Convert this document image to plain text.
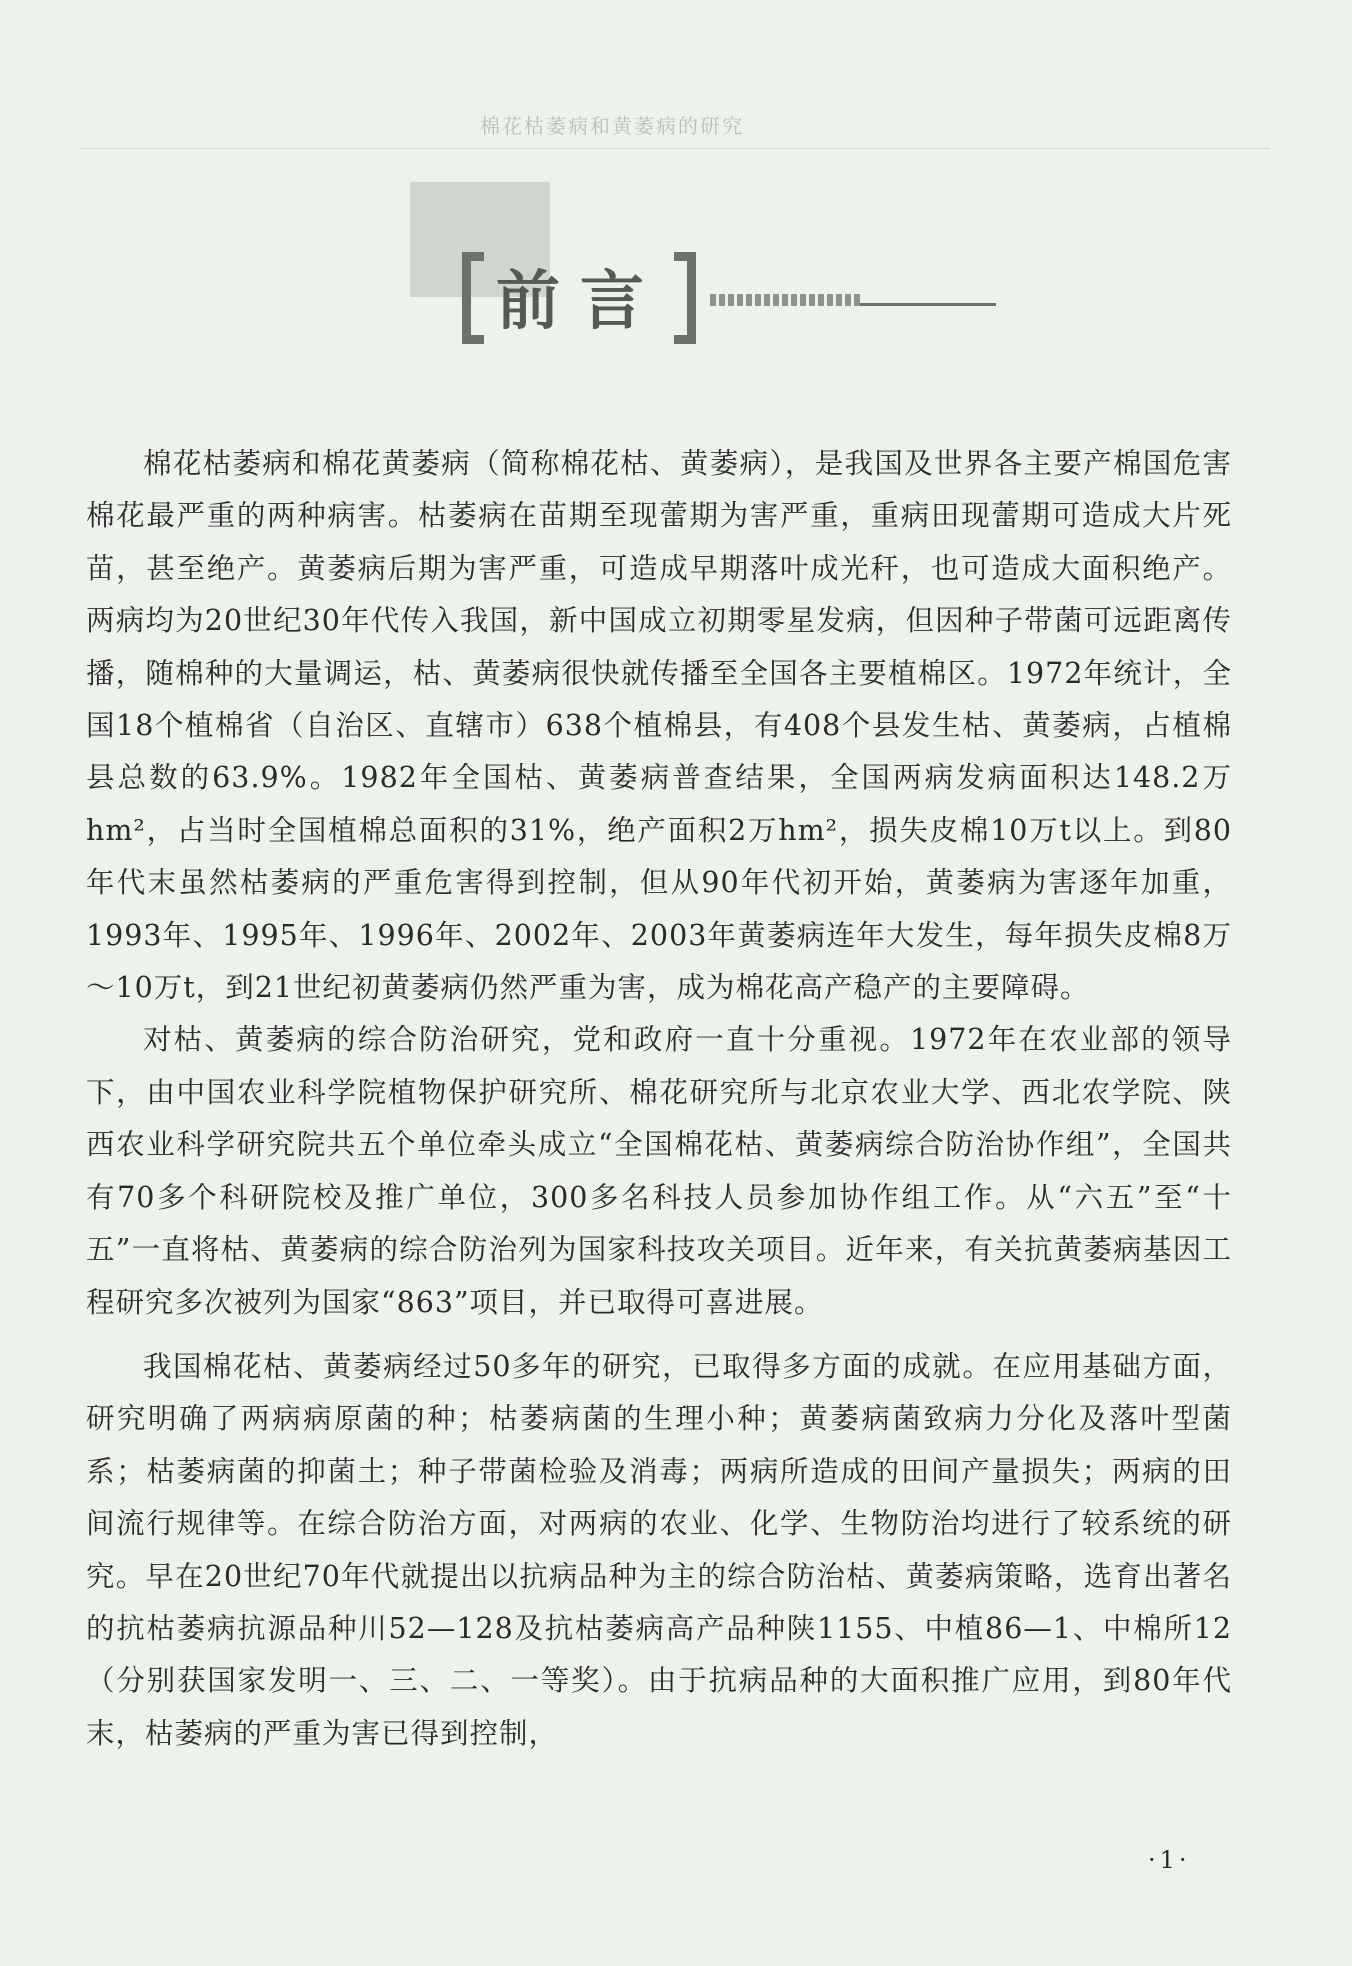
棉花枯萎病和黄萎病的研究
前言

棉花枯萎病和棉花黄萎病（简称棉花枯、黄萎病），是我国及世界各主要产棉国危害棉花最严重的两种病害。枯萎病在苗期至现蕾期为害严重，重病田现蕾期可造成大片死苗，甚至绝产。黄萎病后期为害严重，可造成早期落叶成光秆，也可造成大面积绝产。两病均为20世纪30年代传入我国，新中国成立初期零星发病，但因种子带菌可远距离传播，随棉种的大量调运，枯、黄萎病很快就传播至全国各主要植棉区。1972年统计，全国18个植棉省（自治区、直辖市）638个植棉县，有408个县发生枯、黄萎病，占植棉县总数的63.9%。1982年全国枯、黄萎病普查结果，全国两病发病面积达148.2万hm²，占当时全国植棉总面积的31%，绝产面积2万hm²，损失皮棉10万t以上。到80年代末虽然枯萎病的严重危害得到控制，但从90年代初开始，黄萎病为害逐年加重，1993年、1995年、1996年、2002年、2003年黄萎病连年大发生，每年损失皮棉8万～10万t，到21世纪初黄萎病仍然严重为害，成为棉花高产稳产的主要障碍。

对枯、黄萎病的综合防治研究，党和政府一直十分重视。1972年在农业部的领导下，由中国农业科学院植物保护研究所、棉花研究所与北京农业大学、西北农学院、陕西农业科学研究院共五个单位牵头成立“全国棉花枯、黄萎病综合防治协作组”，全国共有70多个科研院校及推广单位，300多名科技人员参加协作组工作。从“六五”至“十五”一直将枯、黄萎病的综合防治列为国家科技攻关项目。近年来，有关抗黄萎病基因工程研究多次被列为国家“863”项目，并已取得可喜进展。

我国棉花枯、黄萎病经过50多年的研究，已取得多方面的成就。在应用基础方面，研究明确了两病病原菌的种；枯萎病菌的生理小种；黄萎病菌致病力分化及落叶型菌系；枯萎病菌的抑菌土；种子带菌检验及消毒；两病所造成的田间产量损失；两病的田间流行规律等。在综合防治方面，对两病的农业、化学、生物防治均进行了较系统的研究。早在20世纪70年代就提出以抗病品种为主的综合防治枯、黄萎病策略，选育出著名的抗枯萎病抗源品种川52—128及抗枯萎病高产品种陕1155、中植86—1、中棉所12（分别获国家发明一、三、二、一等奖）。由于抗病品种的大面积推广应用，到80年代末，枯萎病的严重为害已得到控制，

·1·
